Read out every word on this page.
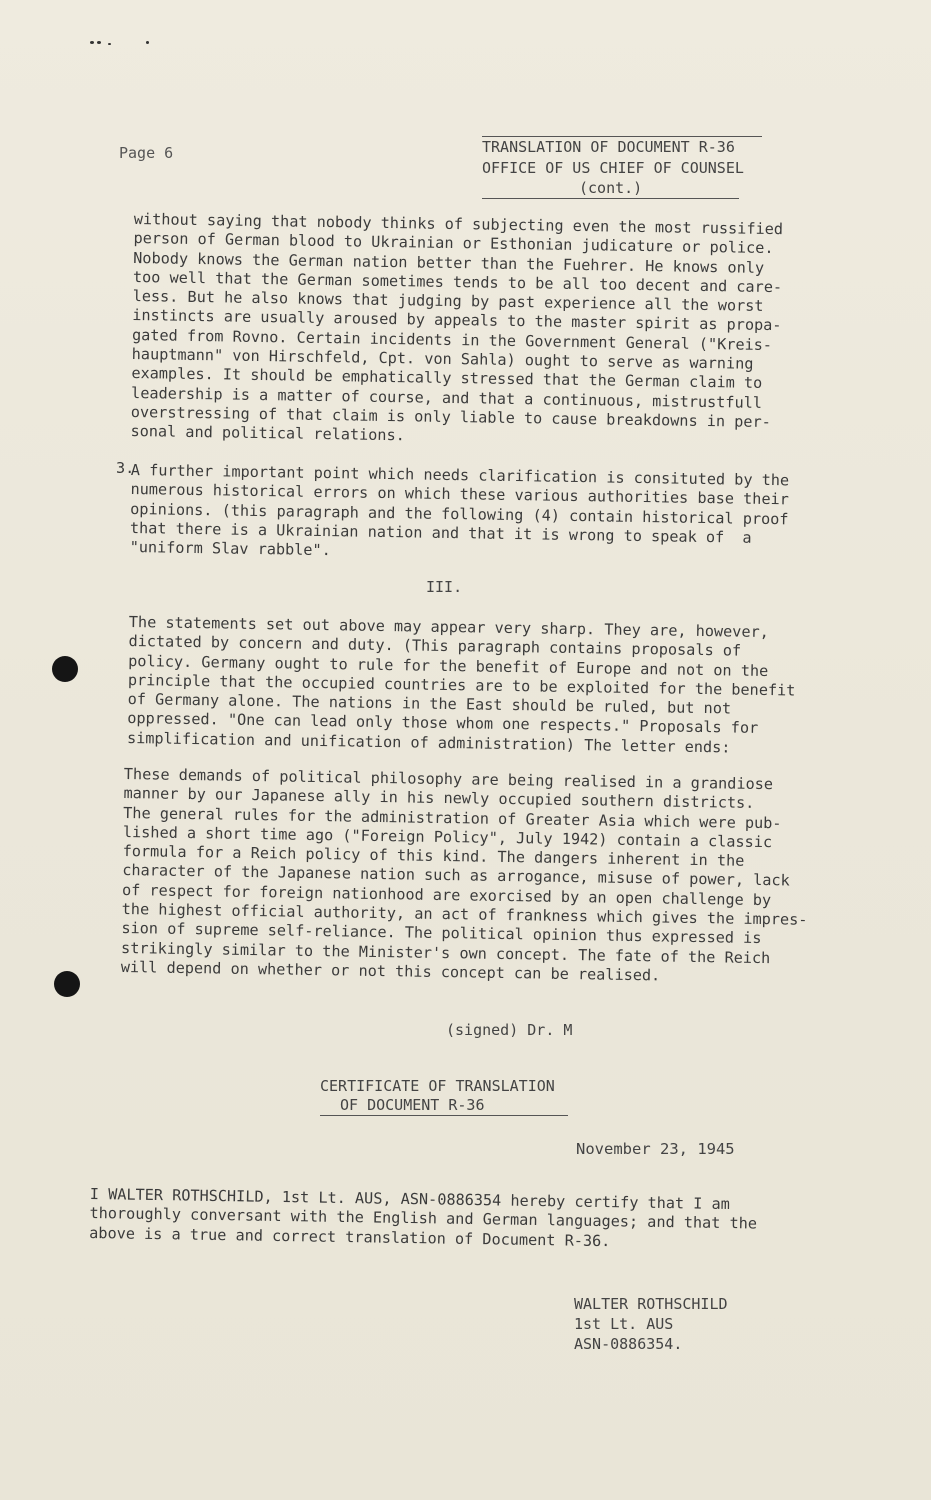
Page 6	TRANSLATION OF DOCUMENT R-36
OFFICE OF US CHIEF OF COUNSEL
(cont.)

without saying that nobody thinks of subjecting even the most russified
person of German blood to Ukrainian or Esthonian judicature or police.
Nobody knows the German nation better than the Fuehrer. He knows only
too well that the German sometimes tends to be all too decent and care-
less. But he also knows that judging by past experience all the worst
instincts are usually aroused by appeals to the master spirit as propa-
gated from Rovno. Certain incidents in the Government General ("Kreis-
hauptmann" von Hirschfeld, Cpt. von Sahla) ought to serve as warning
examples. It should be emphatically stressed that the German claim to
leadership is a matter of course, and that a continuous, mistrustfull
overstressing of that claim is only liable to cause breakdowns in per-
sonal and political relations.

3.

A further important point which needs clarification is consituted by the
numerous historical errors on which these various authorities base their
opinions. (this paragraph and the following (4) contain historical proof
that there is a Ukrainian nation and that it is wrong to speak of  a
"uniform Slav rabble".

III.

The statements set out above may appear very sharp. They are, however,
dictated by concern and duty. (This paragraph contains proposals of
policy. Germany ought to rule for the benefit of Europe and not on the
principle that the occupied countries are to be exploited for the benefit
of Germany alone. The nations in the East should be ruled, but not
oppressed. "One can lead only those whom one respects." Proposals for
simplification and unification of administration) The letter ends:

These demands of political philosophy are being realised in a grandiose
manner by our Japanese ally in his newly occupied southern districts.
The general rules for the administration of Greater Asia which were pub-
lished a short time ago ("Foreign Policy", July 1942) contain a classic
formula for a Reich policy of this kind. The dangers inherent in the
character of the Japanese nation such as arrogance, misuse of power, lack
of respect for foreign nationhood are exorcised by an open challenge by
the highest official authority, an act of frankness which gives the impres-
sion of supreme self-reliance. The political opinion thus expressed is
strikingly similar to the Minister's own concept. The fate of the Reich
will depend on whether or not this concept can be realised.

(signed) Dr. M
CERTIFICATE OF TRANSLATION
OF DOCUMENT R-36
November 23, 1945

I WALTER ROTHSCHILD, 1st Lt. AUS, ASN-0886354 hereby certify that I am
thoroughly conversant with the English and German languages; and that the
above is a true and correct translation of Document R-36.

WALTER ROTHSCHILD
1st Lt. AUS
ASN-0886354.
